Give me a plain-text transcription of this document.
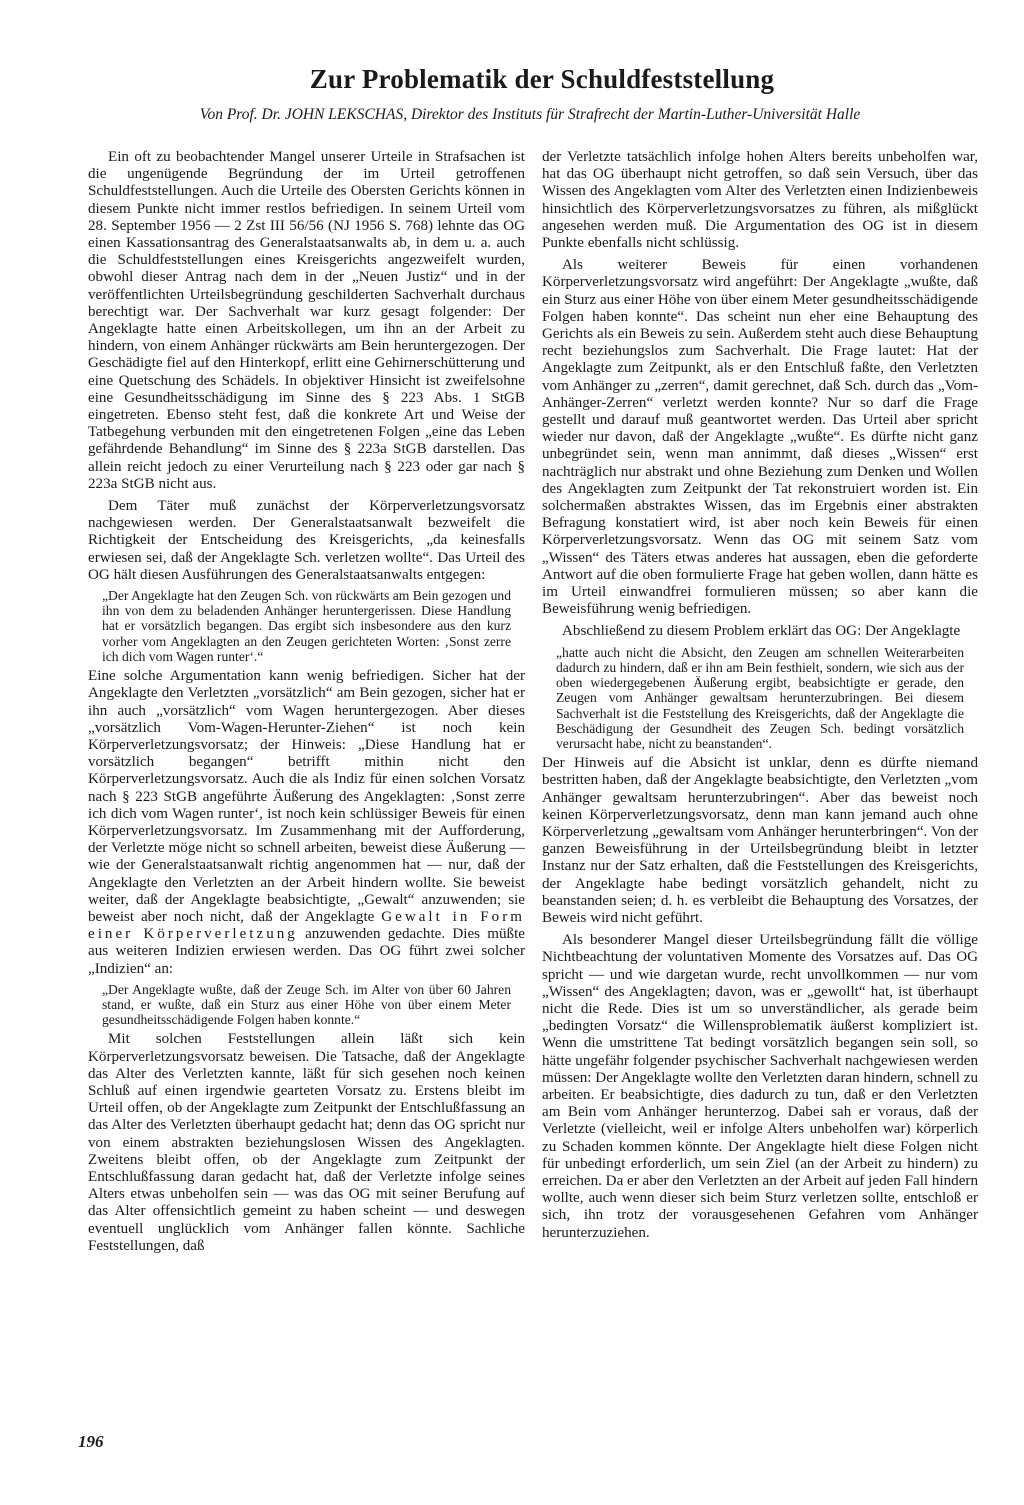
Zur Problematik der Schuldfeststellung

Von Prof. Dr. JOHN LEKSCHAS, Direktor des Instituts für Strafrecht der Martin-Luther-Universität Halle

Ein oft zu beobachtender Mangel unserer Urteile in Strafsachen ist die ungenügende Begründung der im Urteil getroffenen Schuldfeststellungen. Auch die Urteile des Obersten Gerichts können in diesem Punkte nicht immer restlos befriedigen. In seinem Urteil vom 28. September 1956 — 2 Zst III 56/56 (NJ 1956 S. 768) lehnte das OG einen Kassationsantrag des Generalstaatsanwalts ab, in dem u. a. auch die Schuldfeststellungen eines Kreisgerichts angezweifelt wurden, obwohl dieser Antrag nach dem in der „Neuen Justiz“ und in der veröffentlichten Urteilsbegründung geschilderten Sachverhalt durchaus berechtigt war. Der Sachverhalt war kurz gesagt folgender: Der Angeklagte hatte einen Arbeitskollegen, um ihn an der Arbeit zu hindern, von einem Anhänger rückwärts am Bein heruntergezogen. Der Geschädigte fiel auf den Hinterkopf, erlitt eine Gehirnerschütterung und eine Quetschung des Schädels. In objektiver Hinsicht ist zweifelsohne eine Gesundheitsschädigung im Sinne des § 223 Abs. 1 StGB eingetreten. Ebenso steht fest, daß die konkrete Art und Weise der Tatbegehung verbunden mit den eingetretenen Folgen „eine das Leben gefährdende Behandlung“ im Sinne des § 223a StGB darstellen. Das allein reicht jedoch zu einer Verurteilung nach § 223 oder gar nach § 223a StGB nicht aus.

Dem Täter muß zunächst der Körperverletzungsvorsatz nachgewiesen werden. Der Generalstaatsanwalt bezweifelt die Richtigkeit der Entscheidung des Kreisgerichts, „da keinesfalls erwiesen sei, daß der Angeklagte Sch. verletzen wollte“. Das Urteil des OG hält diesen Ausführungen des Generalstaatsanwalts entgegen:

„Der Angeklagte hat den Zeugen Sch. von rückwärts am Bein gezogen und ihn von dem zu beladenden Anhänger heruntergerissen. Diese Handlung hat er vorsätzlich begangen. Das ergibt sich insbesondere aus den kurz vorher vom Angeklagten an den Zeugen gerichteten Worten: ‚Sonst zerre ich dich vom Wagen runter‘.“

Eine solche Argumentation kann wenig befriedigen. Sicher hat der Angeklagte den Verletzten „vorsätzlich“ am Bein gezogen, sicher hat er ihn auch „vorsätzlich“ vom Wagen heruntergezogen. Aber dieses „vorsätzlich Vom-Wagen-Herunter-Ziehen“ ist noch kein Körperverletzungsvorsatz; der Hinweis: „Diese Handlung hat er vorsätzlich begangen“ betrifft mithin nicht den Körperverletzungsvorsatz. Auch die als Indiz für einen solchen Vorsatz nach § 223 StGB angeführte Äußerung des Angeklagten: ‚Sonst zerre ich dich vom Wagen runter‘, ist noch kein schlüssiger Beweis für einen Körperverletzungsvorsatz. Im Zusammenhang mit der Aufforderung, der Verletzte möge nicht so schnell arbeiten, beweist diese Äußerung — wie der Generalstaatsanwalt richtig angenommen hat — nur, daß der Angeklagte den Verletzten an der Arbeit hindern wollte. Sie beweist weiter, daß der Angeklagte beabsichtigte, „Gewalt“ anzuwenden; sie beweist aber noch nicht, daß der Angeklagte Gewalt in Form einer Körperverletzung anzuwenden gedachte. Dies müßte aus weiteren Indizien erwiesen werden. Das OG führt zwei solcher „Indizien“ an:

„Der Angeklagte wußte, daß der Zeuge Sch. im Alter von über 60 Jahren stand, er wußte, daß ein Sturz aus einer Höhe von über einem Meter gesundheitsschädigende Folgen haben konnte.“

Mit solchen Feststellungen allein läßt sich kein Körperverletzungsvorsatz beweisen. Die Tatsache, daß der Angeklagte das Alter des Verletzten kannte, läßt für sich gesehen noch keinen Schluß auf einen irgendwie gearteten Vorsatz zu. Erstens bleibt im Urteil offen, ob der Angeklagte zum Zeitpunkt der Entschlußfassung an das Alter des Verletzten überhaupt gedacht hat; denn das OG spricht nur von einem abstrakten beziehungslosen Wissen des Angeklagten. Zweitens bleibt offen, ob der Angeklagte zum Zeitpunkt der Entschlußfassung daran gedacht hat, daß der Verletzte infolge seines Alters etwas unbeholfen sein — was das OG mit seiner Berufung auf das Alter offensichtlich gemeint zu haben scheint — und deswegen eventuell unglücklich vom Anhänger fallen könnte. Sachliche Feststellungen, daß

der Verletzte tatsächlich infolge hohen Alters bereits unbeholfen war, hat das OG überhaupt nicht getroffen, so daß sein Versuch, über das Wissen des Angeklagten vom Alter des Verletzten einen Indizienbeweis hinsichtlich des Körperverletzungsvorsatzes zu führen, als mißglückt angesehen werden muß. Die Argumentation des OG ist in diesem Punkte ebenfalls nicht schlüssig.

Als weiterer Beweis für einen vorhandenen Körperverletzungsvorsatz wird angeführt: Der Angeklagte „wußte, daß ein Sturz aus einer Höhe von über einem Meter gesundheitsschädigende Folgen haben konnte“. Das scheint nun eher eine Behauptung des Gerichts als ein Beweis zu sein. Außerdem steht auch diese Behauptung recht beziehungslos zum Sachverhalt. Die Frage lautet: Hat der Angeklagte zum Zeitpunkt, als er den Entschluß faßte, den Verletzten vom Anhänger zu „zerren“, damit gerechnet, daß Sch. durch das „Vom-Anhänger-Zerren“ verletzt werden konnte? Nur so darf die Frage gestellt und darauf muß geantwortet werden. Das Urteil aber spricht wieder nur davon, daß der Angeklagte „wußte“. Es dürfte nicht ganz unbegründet sein, wenn man annimmt, daß dieses „Wissen“ erst nachträglich nur abstrakt und ohne Beziehung zum Denken und Wollen des Angeklagten zum Zeitpunkt der Tat rekonstruiert worden ist. Ein solchermaßen abstraktes Wissen, das im Ergebnis einer abstrakten Befragung konstatiert wird, ist aber noch kein Beweis für einen Körperverletzungsvorsatz. Wenn das OG mit seinem Satz vom „Wissen“ des Täters etwas anderes hat aussagen, eben die geforderte Antwort auf die oben formulierte Frage hat geben wollen, dann hätte es im Urteil einwandfrei formulieren müssen; so aber kann die Beweisführung wenig befriedigen.

Abschließend zu diesem Problem erklärt das OG: Der Angeklagte

„hatte auch nicht die Absicht, den Zeugen am schnellen Weiterarbeiten dadurch zu hindern, daß er ihn am Bein festhielt, sondern, wie sich aus der oben wiedergegebenen Äußerung ergibt, beabsichtigte er gerade, den Zeugen vom Anhänger gewaltsam herunterzubringen. Bei diesem Sachverhalt ist die Feststellung des Kreisgerichts, daß der Angeklagte die Beschädigung der Gesundheit des Zeugen Sch. bedingt vorsätzlich verursacht habe, nicht zu beanstanden“.

Der Hinweis auf die Absicht ist unklar, denn es dürfte niemand bestritten haben, daß der Angeklagte beabsichtigte, den Verletzten „vom Anhänger gewaltsam herunterzubringen“. Aber das beweist noch keinen Körperverletzungsvorsatz, denn man kann jemand auch ohne Körperverletzung „gewaltsam vom Anhänger herunterbringen“. Von der ganzen Beweisführung in der Urteilsbegründung bleibt in letzter Instanz nur der Satz erhalten, daß die Feststellungen des Kreisgerichts, der Angeklagte habe bedingt vorsätzlich gehandelt, nicht zu beanstanden seien; d. h. es verbleibt die Behauptung des Vorsatzes, der Beweis wird nicht geführt.

Als besonderer Mangel dieser Urteilsbegründung fällt die völlige Nichtbeachtung der voluntativen Momente des Vorsatzes auf. Das OG spricht — und wie dargetan wurde, recht unvollkommen — nur vom „Wissen“ des Angeklagten; davon, was er „gewollt“ hat, ist überhaupt nicht die Rede. Dies ist um so unverständlicher, als gerade beim „bedingten Vorsatz“ die Willensproblematik äußerst kompliziert ist. Wenn die umstrittene Tat bedingt vorsätzlich begangen sein soll, so hätte ungefähr folgender psychischer Sachverhalt nachgewiesen werden müssen: Der Angeklagte wollte den Verletzten daran hindern, schnell zu arbeiten. Er beabsichtigte, dies dadurch zu tun, daß er den Verletzten am Bein vom Anhänger herunterzog. Dabei sah er voraus, daß der Verletzte (vielleicht, weil er infolge Alters unbeholfen war) körperlich zu Schaden kommen könnte. Der Angeklagte hielt diese Folgen nicht für unbedingt erforderlich, um sein Ziel (an der Arbeit zu hindern) zu erreichen. Da er aber den Verletzten an der Arbeit auf jeden Fall hindern wollte, auch wenn dieser sich beim Sturz verletzen sollte, entschloß er sich, ihn trotz der vorausgesehenen Gefahren vom Anhänger herunterzuziehen.

196
